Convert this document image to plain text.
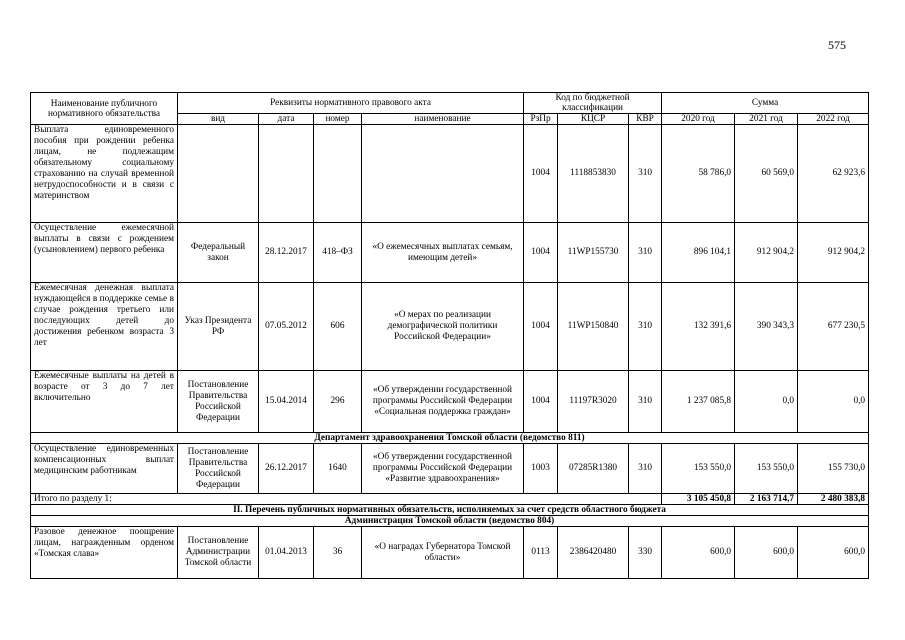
575
Наименование публичного нормативного обязательства	Реквизиты нормативного правового акта				Код по бюджетной классификации			Сумма		
	вид	дата	номер	наименование	РзПр	КЦСР	КВР	2020 год	2021 год	2022 год
Выплата единовременного пособия при рождении ребенка лицам, не подлежащим обязательному социальному страхованию на случай временной нетрудоспособности и в связи с материнством					1004	1118853830	310	58 786,0	60 569,0	62 923,6
Осуществление ежемесячной выплаты в связи с рождением (усыновлением) первого ребенка	Федеральный закон	28.12.2017	418–ФЗ	«О ежемесячных выплатах семьям, имеющим детей»	1004	11WP155730	310	896 104,1	912 904,2	912 904,2
Ежемесячная денежная выплата нуждающейся в поддержке семье в случае рождения третьего или последующих детей до достижения ребенком возраста 3 лет	Указ Президента РФ	07.05.2012	606	«О мерах по реализации демографической политики Российской Федерации»	1004	11WP150840	310	132 391,6	390 343,3	677 230,5
Ежемесячные выплаты на детей в возрасте от 3 до 7 лет включительно	Постановление Правительства Российской Федерации	15.04.2014	296	«Об утверждении государственной программы Российской Федерации «Социальная поддержка граждан»	1004	11197R3020	310	1 237 085,8	0,0	0,0
Департамент здравоохранения Томской области (ведомство 811)										
Осуществление единовременных компенсационных выплат медицинским работникам	Постановление Правительства Российской Федерации	26.12.2017	1640	«Об утверждении государственной программы Российской Федерации «Развитие здравоохранения»	1003	07285R1380	310	153 550,0	153 550,0	155 730,0
Итого по разделу 1:								3 105 450,8	2 163 714,7	2 480 383,8
II. Перечень публичных нормативных обязательств, исполняемых за счет средств областного бюджета										
Администрация Томской области (ведомство 804)										
Разовое денежное поощрение лицам, награжденным орденом «Томская слава»	Постановление Администрации Томской области	01.04.2013	36	«О наградах Губернатора Томской области»	0113	2386420480	330	600,0	600,0	600,0
